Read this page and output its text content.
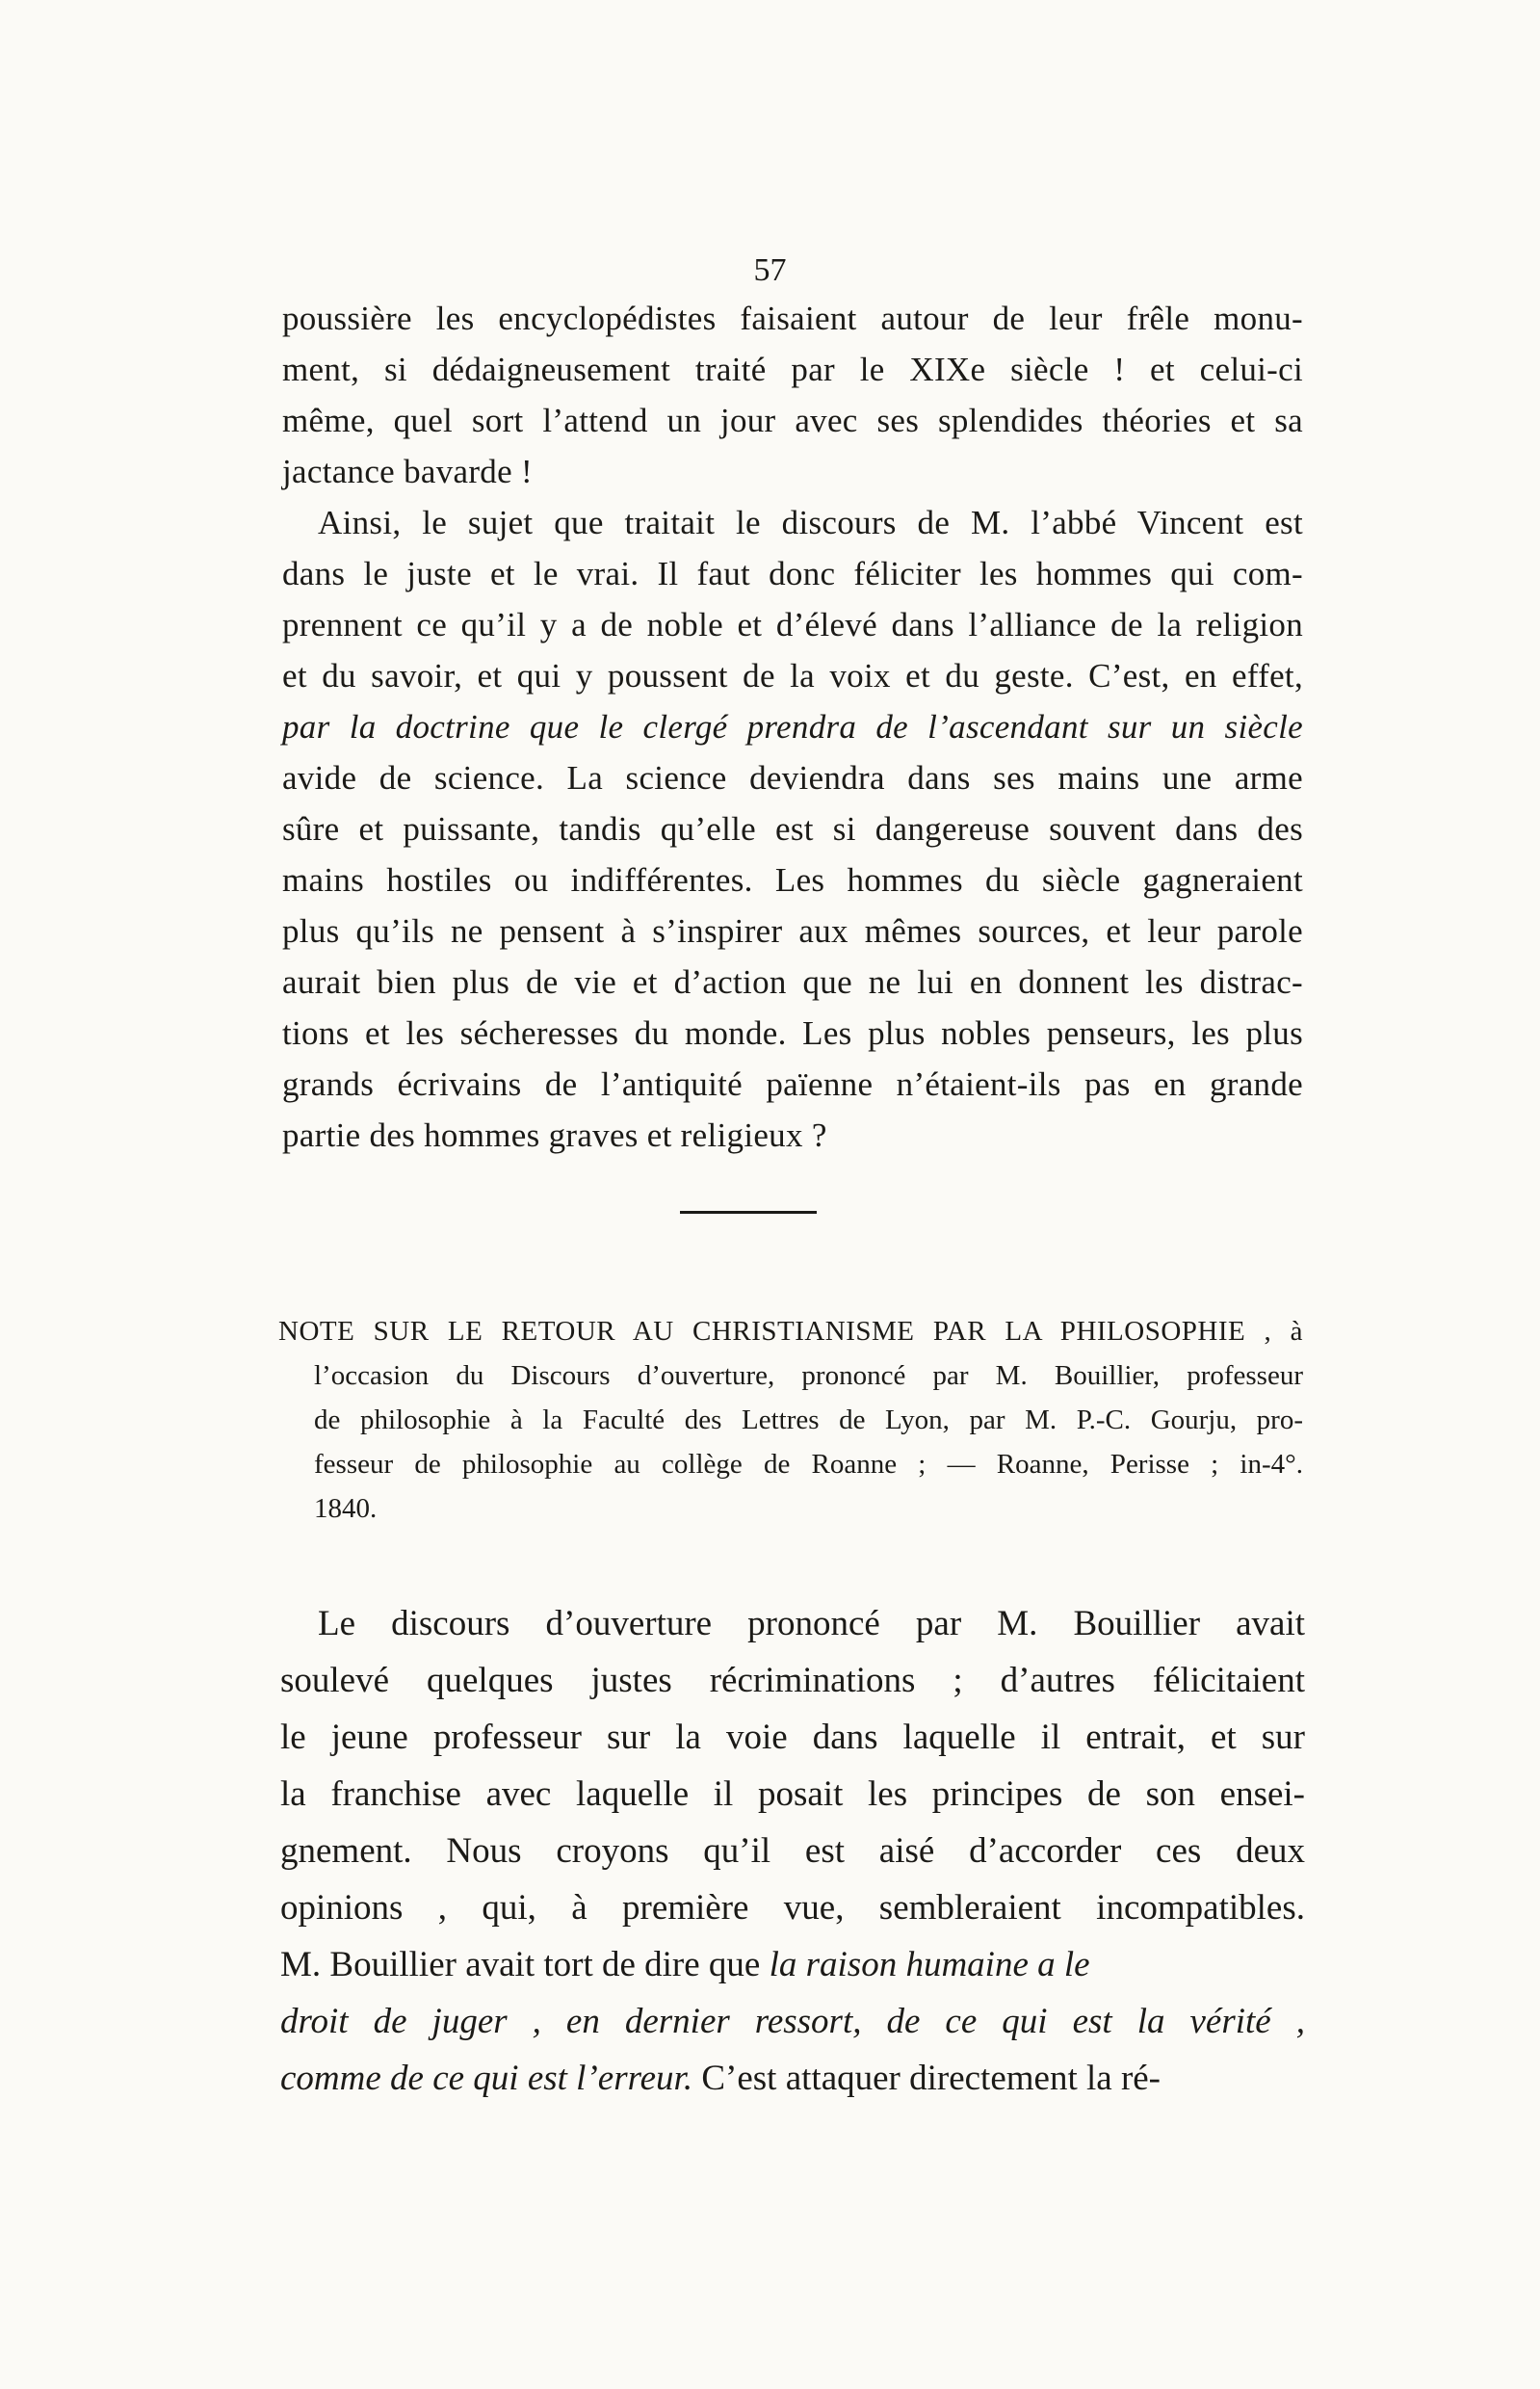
57
poussière les encyclopédistes faisaient autour de leur frêle monu-
ment, si dédaigneusement traité par le XIXe siècle ! et celui-ci
même, quel sort l’attend un jour avec ses splendides théories et sa
jactance bavarde !
Ainsi, le sujet que traitait le discours de M. l’abbé Vincent est
dans le juste et le vrai. Il faut donc féliciter les hommes qui com-
prennent ce qu’il y a de noble et d’élevé dans l’alliance de la religion
et du savoir, et qui y poussent de la voix et du geste. C’est, en effet,
par la doctrine que le clergé prendra de l’ascendant sur un siècle
avide de science. La science deviendra dans ses mains une arme
sûre et puissante, tandis qu’elle est si dangereuse souvent dans des
mains hostiles ou indifférentes. Les hommes du siècle gagneraient
plus qu’ils ne pensent à s’inspirer aux mêmes sources, et leur parole
aurait bien plus de vie et d’action que ne lui en donnent les distrac-
tions et les sécheresses du monde. Les plus nobles penseurs, les plus
grands écrivains de l’antiquité païenne n’étaient-ils pas en grande
partie des hommes graves et religieux ?
NOTE SUR LE RETOUR AU CHRISTIANISME PAR LA PHILOSOPHIE , à
l’occasion du Discours d’ouverture, prononcé par M. Bouillier, professeur
de philosophie à la Faculté des Lettres de Lyon, par M. P.-C. Gourju, pro-
fesseur de philosophie au collège de Roanne ; — Roanne, Perisse ; in-4°.
1840.
Le discours d’ouverture prononcé par M. Bouillier avait
soulevé quelques justes récriminations ; d’autres félicitaient
le jeune professeur sur la voie dans laquelle il entrait, et sur
la franchise avec laquelle il posait les principes de son ensei-
gnement. Nous croyons qu’il est aisé d’accorder ces deux
opinions , qui, à première vue, sembleraient incompatibles.
M. Bouillier avait tort de dire que la raison humaine a le
droit de juger , en dernier ressort, de ce qui est la vérité ,
comme de ce qui est l’erreur. C’est attaquer directement la ré-
